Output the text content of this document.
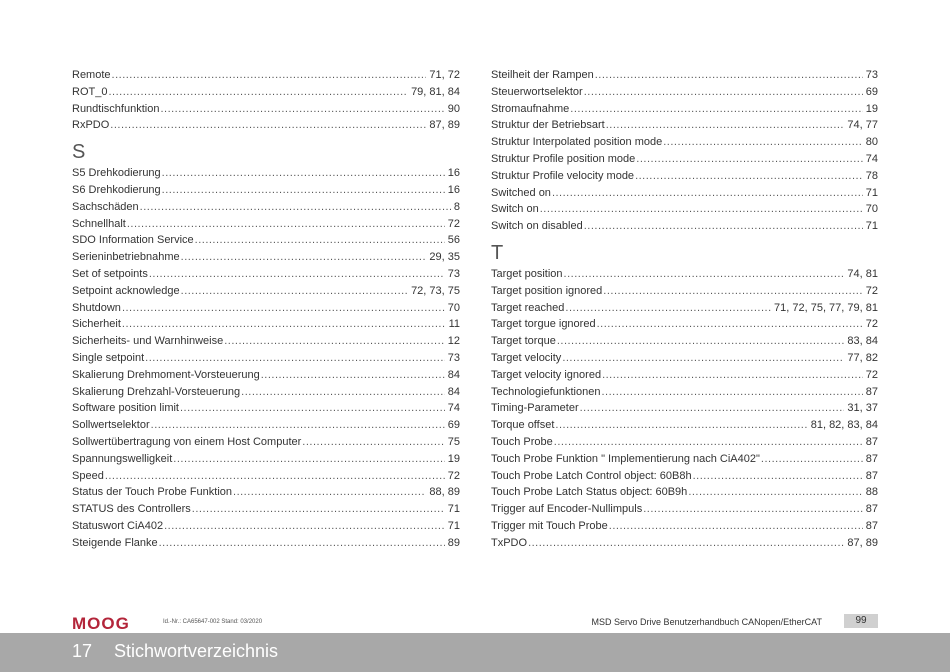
Remote .....	71, 72
ROT_0 .....	79, 81, 84
Rundtischfunktion .....	90
RxPDO .....	87, 89
S
S5 Drehkodierung .....	16
S6 Drehkodierung .....	16
Sachschäden .....	8
Schnellhalt .....	72
SDO Information Service .....	56
Serieninbetriebnahme .....	29, 35
Set of setpoints .....	73
Setpoint acknowledge .....	72, 73, 75
Shutdown .....	70
Sicherheit .....	11
Sicherheits- und Warnhinweise .....	12
Single setpoint .....	73
Skalierung Drehmoment-Vorsteuerung .....	84
Skalierung Drehzahl-Vorsteuerung .....	84
Software position limit .....	74
Sollwertselektor .....	69
Sollwertübertragung von einem Host Computer .....	75
Spannungswelligkeit .....	19
Speed .....	72
Status der Touch Probe Funktion .....	88, 89
STATUS des Controllers .....	71
Statuswort CiA402 .....	71
Steigende Flanke .....	89
Steilheit der Rampen .....	73
Steuerwortselektor .....	69
Stromaufnahme .....	19
Struktur der Betriebsart .....	74, 77
Struktur Interpolated position mode .....	80
Struktur Profile position mode .....	74
Struktur Profile velocity mode .....	78
Switched on .....	71
Switch on .....	70
Switch on disabled .....	71
T
Target position .....	74, 81
Target position ignored .....	72
Target reached .....	71, 72, 75, 77, 79, 81
Target torgue ignored .....	72
Target torque .....	83, 84
Target velocity .....	77, 82
Target velocity ignored .....	72
Technologiefunktionen .....	87
Timing-Parameter .....	31, 37
Torque offset .....	81, 82, 83, 84
Touch Probe .....	87
Touch Probe Funktion " Implementierung nach CiA402" .....	87
Touch Probe Latch Control object: 60B8h .....	87
Touch Probe Latch Status object: 60B9h .....	88
Trigger auf Encoder-Nullimpuls .....	87
Trigger mit Touch Probe .....	87
TxPDO .....	87, 89
MOOG	Id.-Nr.: CA65647-002 Stand: 03/2020	MSD Servo Drive Benutzerhandbuch CANopen/EtherCAT	99
17 Stichwortverzeichnis
